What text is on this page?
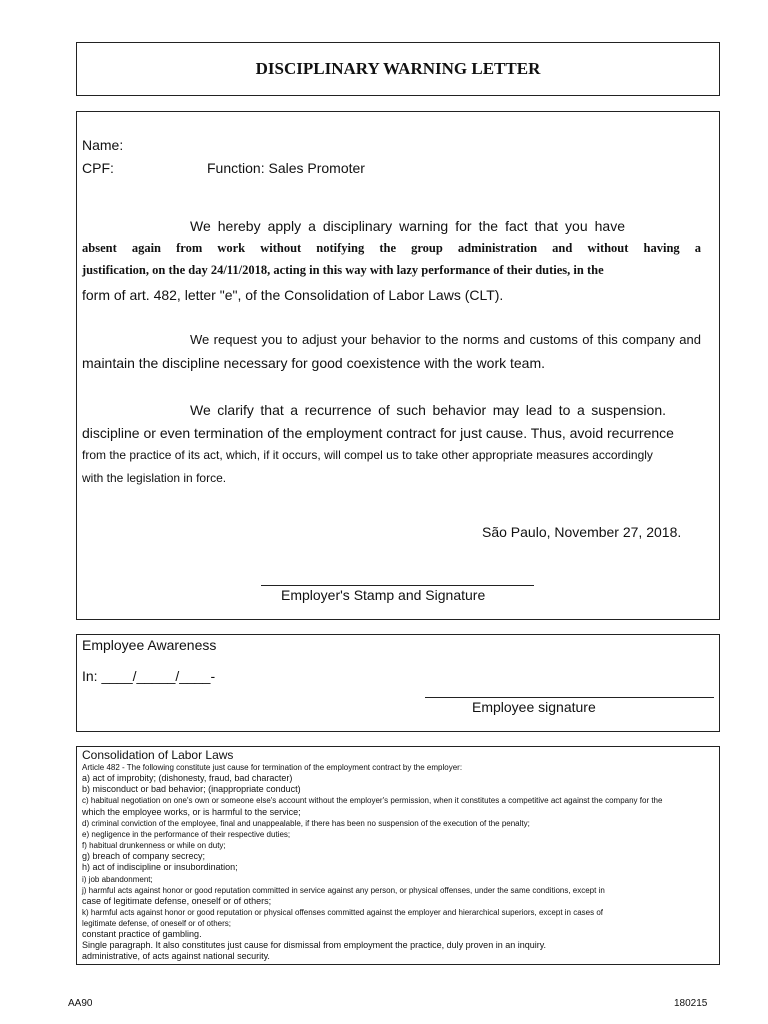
DISCIPLINARY WARNING LETTER
Name:
CPF:	Function: Sales Promoter
We hereby apply a disciplinary warning for the fact that you have
absent again from work without notifying the group administration and without having a
justification, on the day 24/11/2018, acting in this way with lazy performance of their duties, in the
form of art. 482, letter "e", of the Consolidation of Labor Laws (CLT).
We request you to adjust your behavior to the norms and customs of this company and
maintain the discipline necessary for good coexistence with the work team.
We clarify that a recurrence of such behavior may lead to a suspension.
discipline or even termination of the employment contract for just cause. Thus, avoid recurrence
from the practice of its act, which, if it occurs, will compel us to take other appropriate measures accordingly
with the legislation in force.
São Paulo, November 27, 2018.
Employer's Stamp and Signature
Employee Awareness
In: ____/_____/____-
Employee signature
Consolidation of Labor Laws
Article 482 - The following constitute just cause for termination of the employment contract by the employer:
a) act of improbity; (dishonesty, fraud, bad character)
b) misconduct or bad behavior; (inappropriate conduct)
c) habitual negotiation on one's own or someone else's account without the employer's permission, when it constitutes a competitive act against the company for the
which the employee works, or is harmful to the service;
d) criminal conviction of the employee, final and unappealable, if there has been no suspension of the execution of the penalty;
e) negligence in the performance of their respective duties;
f) habitual drunkenness or while on duty;
g) breach of company secrecy;
h) act of indiscipline or insubordination;
i) job abandonment;
j) harmful acts against honor or good reputation committed in service against any person, or physical offenses, under the same conditions, except in
case of legitimate defense, oneself or of others;
k) harmful acts against honor or good reputation or physical offenses committed against the employer and hierarchical superiors, except in cases of
legitimate defense, of oneself or of others;
constant practice of gambling.
Single paragraph. It also constitutes just cause for dismissal from employment the practice, duly proven in an inquiry.
administrative, of acts against national security.
AA90	180215
